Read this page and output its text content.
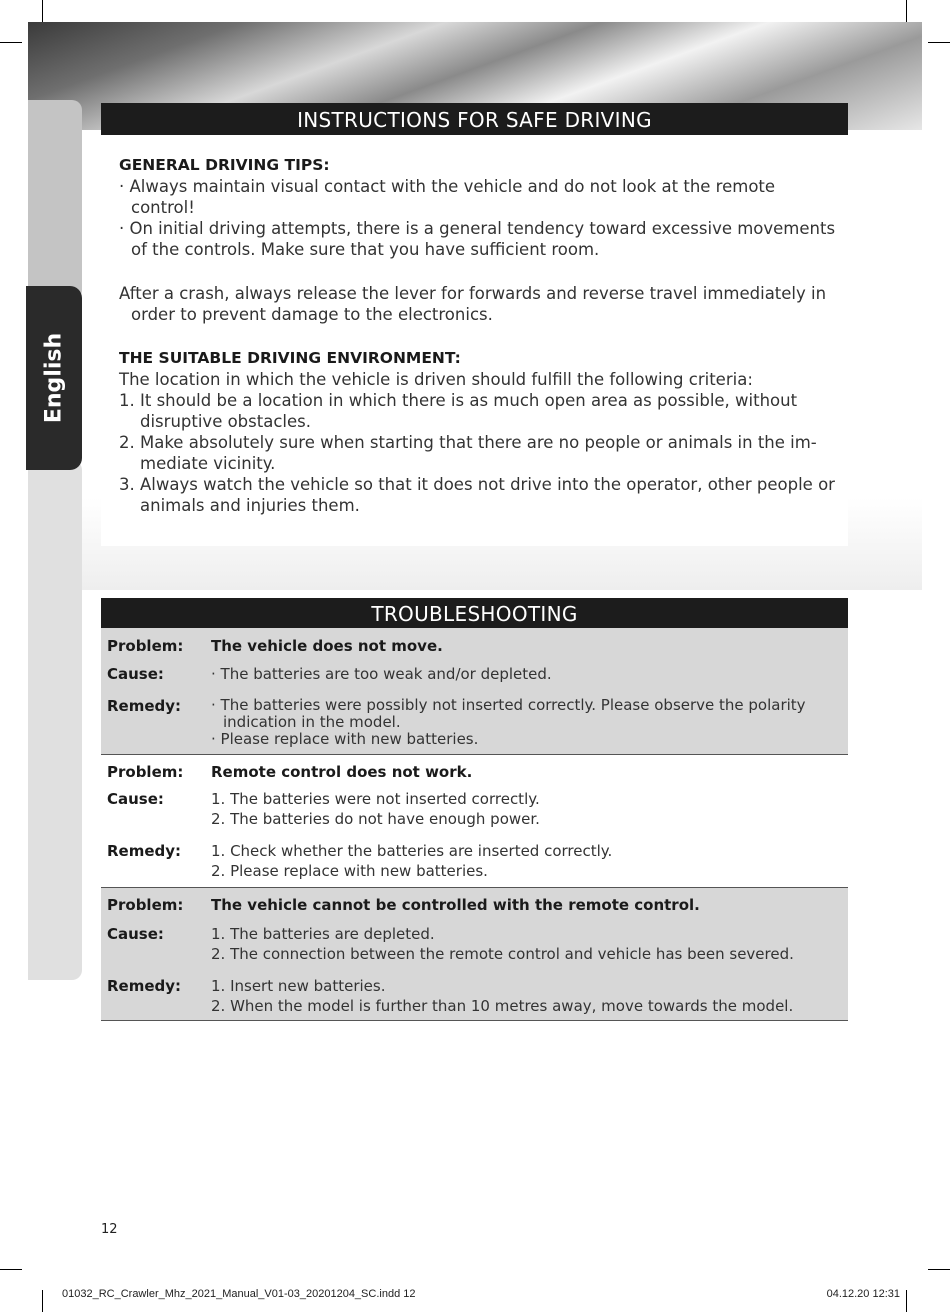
English
INSTRUCTIONS FOR SAFE DRIVING
GENERAL DRIVING TIPS:

· Always maintain visual contact with the vehicle and do not look at the remote control!

· On initial driving attempts, there is a general tendency toward excessive movements of the controls. Make sure that you have sufficient room.

After a crash, always release the lever for forwards and reverse travel immediately in order to prevent damage to the electronics.

THE SUITABLE DRIVING ENVIRONMENT:

The location in which the vehicle is driven should fulfill the following criteria:

1. It should be a location in which there is as much open area as possible, without disruptive obstacles.

2. Make absolutely sure when starting that there are no people or animals in the im-mediate vicinity.

3. Always watch the vehicle so that it does not drive into the operator, other people or animals and injuries them.

TROUBLESHOOTING
Problem:	The vehicle does not move.
Cause:	· The batteries are too weak and/or depleted.
Remedy:	· The batteries were possibly not inserted correctly. Please observe the polarity indication in the model.
· Please replace with new batteries.
Problem:	Remote control does not work.
Cause:	1. The batteries were not inserted correctly.
2. The batteries do not have enough power.
Remedy:	1. Check whether the batteries are inserted correctly.
2. Please replace with new batteries.
Problem:	The vehicle cannot be controlled with the remote control.
Cause:	1. The batteries are depleted.
2. The connection between the remote control and vehicle has been severed.
Remedy:	1. Insert new batteries.
2. When the model is further than 10 metres away, move towards the model.
12
01032_RC_Crawler_Mhz_2021_Manual_V01-03_20201204_SC.indd 12	04.12.20 12:31
